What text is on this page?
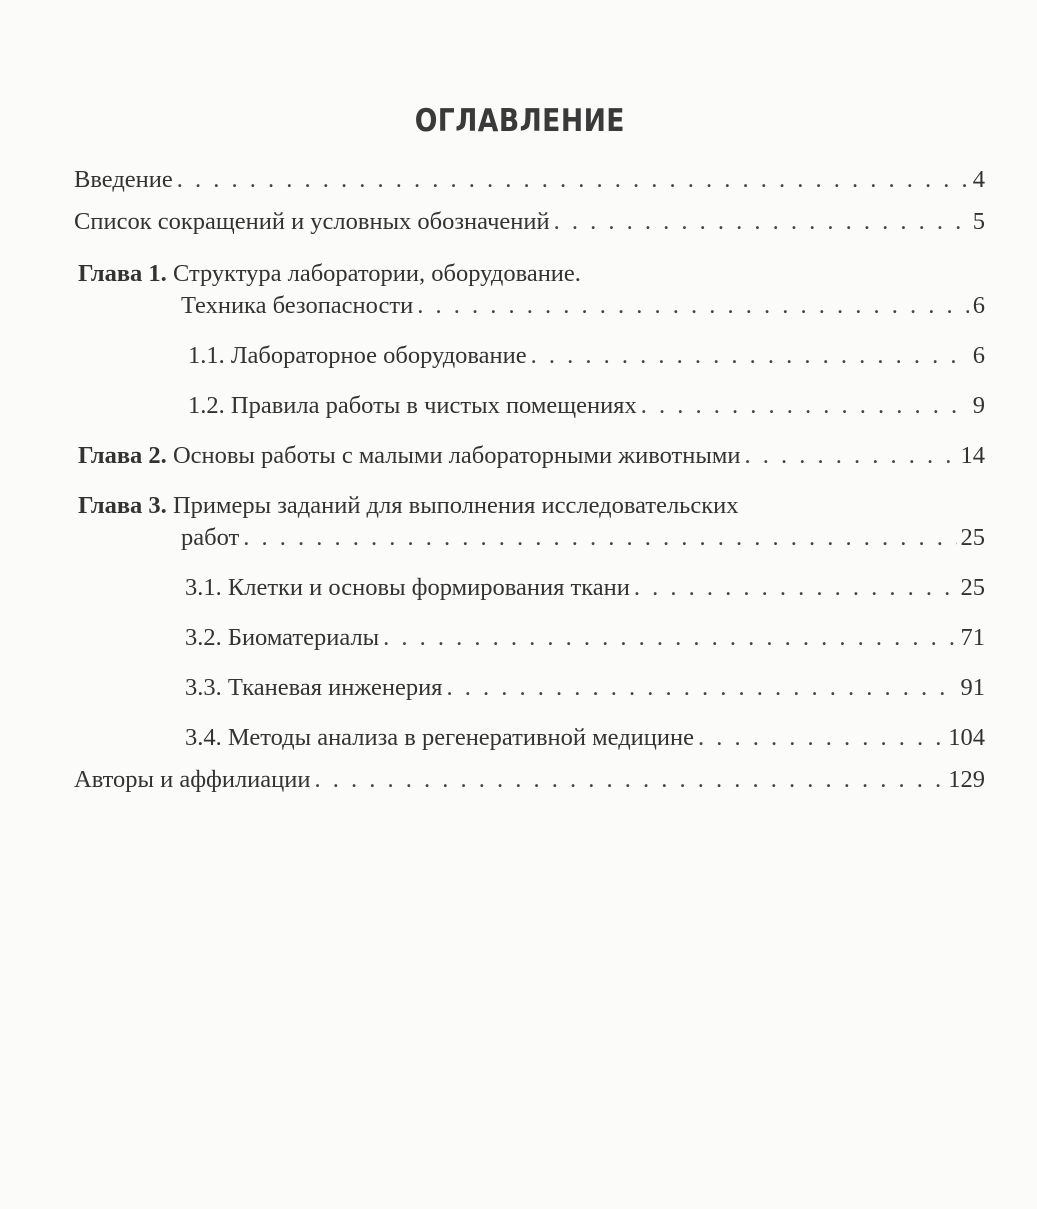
ОГЛАВЛЕНИЕ
Введение . . .	4
Список сокращений и условных обозначений . . .	5
Глава 1. Структура лаборатории, оборудование.
Техника безопасности . . .	6
1.1. Лабораторное оборудование . . .	6
1.2. Правила работы в чистых помещениях . . .	9
Глава 2. Основы работы с малыми лабораторными животными . . .	14
Глава 3. Примеры заданий для выполнения исследовательских
работ . . .	25
3.1. Клетки и основы формирования ткани . . .	25
3.2. Биоматериалы . . .	71
3.3. Тканевая инженерия . . .	91
3.4. Методы анализа в регенеративной медицине . . .	104
Авторы и аффилиации . . .	129
